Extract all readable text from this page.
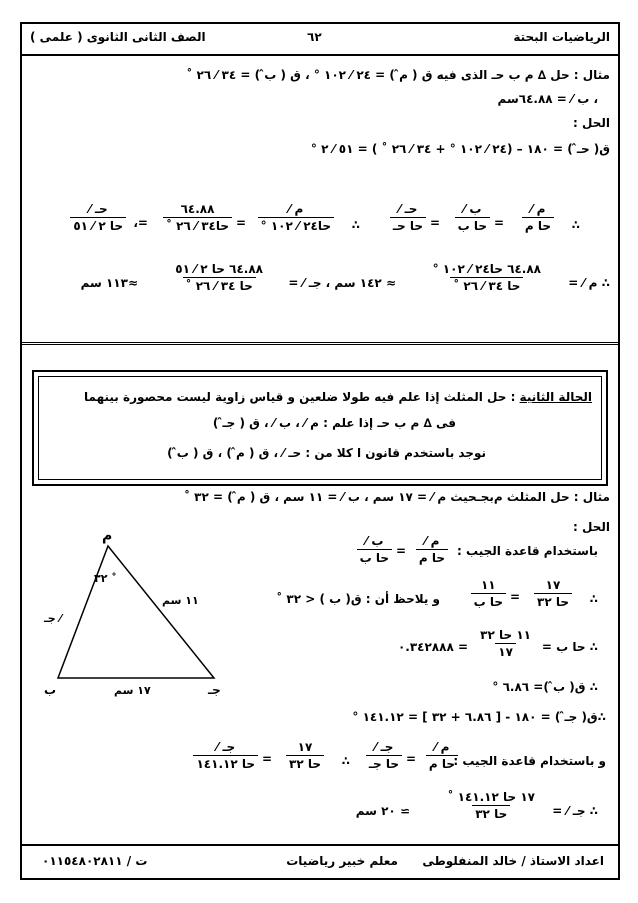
الرياضيات البحتة
٦٢
الصف الثانى الثانوى ( علمى )
مثال : حل ∆ ﻡ ب حـ الذى فيه ق ( ﻡ̂ ) = ٢٤ ⁄ ١٠٢ ° ، ق ( ب̂ ) = ٣٤ ⁄ ٢٦ ˚
، ب ⁄ = ٦٤.٨٨سم
الحل :
ق( حـ̂ ) = ١٨٠ – (٢٤ ⁄ ١٠٢ ° + ٣٤ ⁄ ٢٦ ˚ ) = ٥١ ⁄ ٢ °
∴
ﻡ ⁄
حا ﻡ
=
ب ⁄
حا ب
=
حـ ⁄
حا حـ
∴
ﻡ ⁄
حا٢٤ ⁄ ١٠٢ °
=
٦٤.٨٨
حا٣٤ ⁄ ٢٦ ˚
=،
حـ ⁄
حا ٢ ⁄ ٥١
∴ ﻡ ⁄ =
٦٤.٨٨ حا٢٤ ⁄ ١٠٢ °
حا ٣٤ ⁄ ٢٦ ˚
≈ ١٤٢ سم ، جـ ⁄ =
٦٤.٨٨ حا ٢ ⁄ ٥١
حا ٣٤ ⁄ ٢٦ ˚
≈١١٣ سم
الحالة الثانية : حل المثلث إذا علم فيه طولا ضلعين و قياس زاوية ليست محصورة بينهما
فى ∆ ﻡ ب حـ إذا علم : ﻡ ⁄ ، ب ⁄ ، ق ( جـ̂ )
نوجد باستخدم قانون ا كلا من : حـ ⁄ ، ق ( ﻡ̂ ) ، ق ( ب̂ )
مثال : حل المثلث ﻡبجـحيث ﻡ ⁄ = ١٧ سم ، ب ⁄ = ١١ سم ، ق ( ﻡ̂ ) = ٣٢ ˚
الحل :
باستخدام قاعدة الجيب :
ﻡ ⁄
حا ﻡ
=
ب ⁄
حا ب
∴
١٧
حا ٣٢
=
١١
حا ب
و يلاحظ أن : ق( ب ) < ٣٢ ˚
∴ حا ب =
١١ حا ٣٢
١٧
= ٠.٣٤٢٨٨٨
∴ ق( ب̂ )= ٦.٨٦ °
∴ق( جـ̂ ) = ١٨٠ - [ ٦.٨٦ + ٣٢ ] = ١٤١.١٢ °
و باستخدام قاعدة الجيب :
ﻡ ⁄
حا ﻡ
=
جـ ⁄
حا جـ
∴
١٧
حا ٣٢
=
جـ ⁄
حا ١٤١.١٢
∴ جـ ⁄ =
١٧ حا ١٤١.١٢ ˚
حا ٣٢
≃ ٢٠ سم
ﻡ
ب	جـ
٣٢ ˚
١١ سم
جـ ⁄
١٧ سم
اعداد الاستاذ / خالد المنفلوطى
معلم خبير رياضيات
ت / ٠١١٥٤٨٠٢٨١١
